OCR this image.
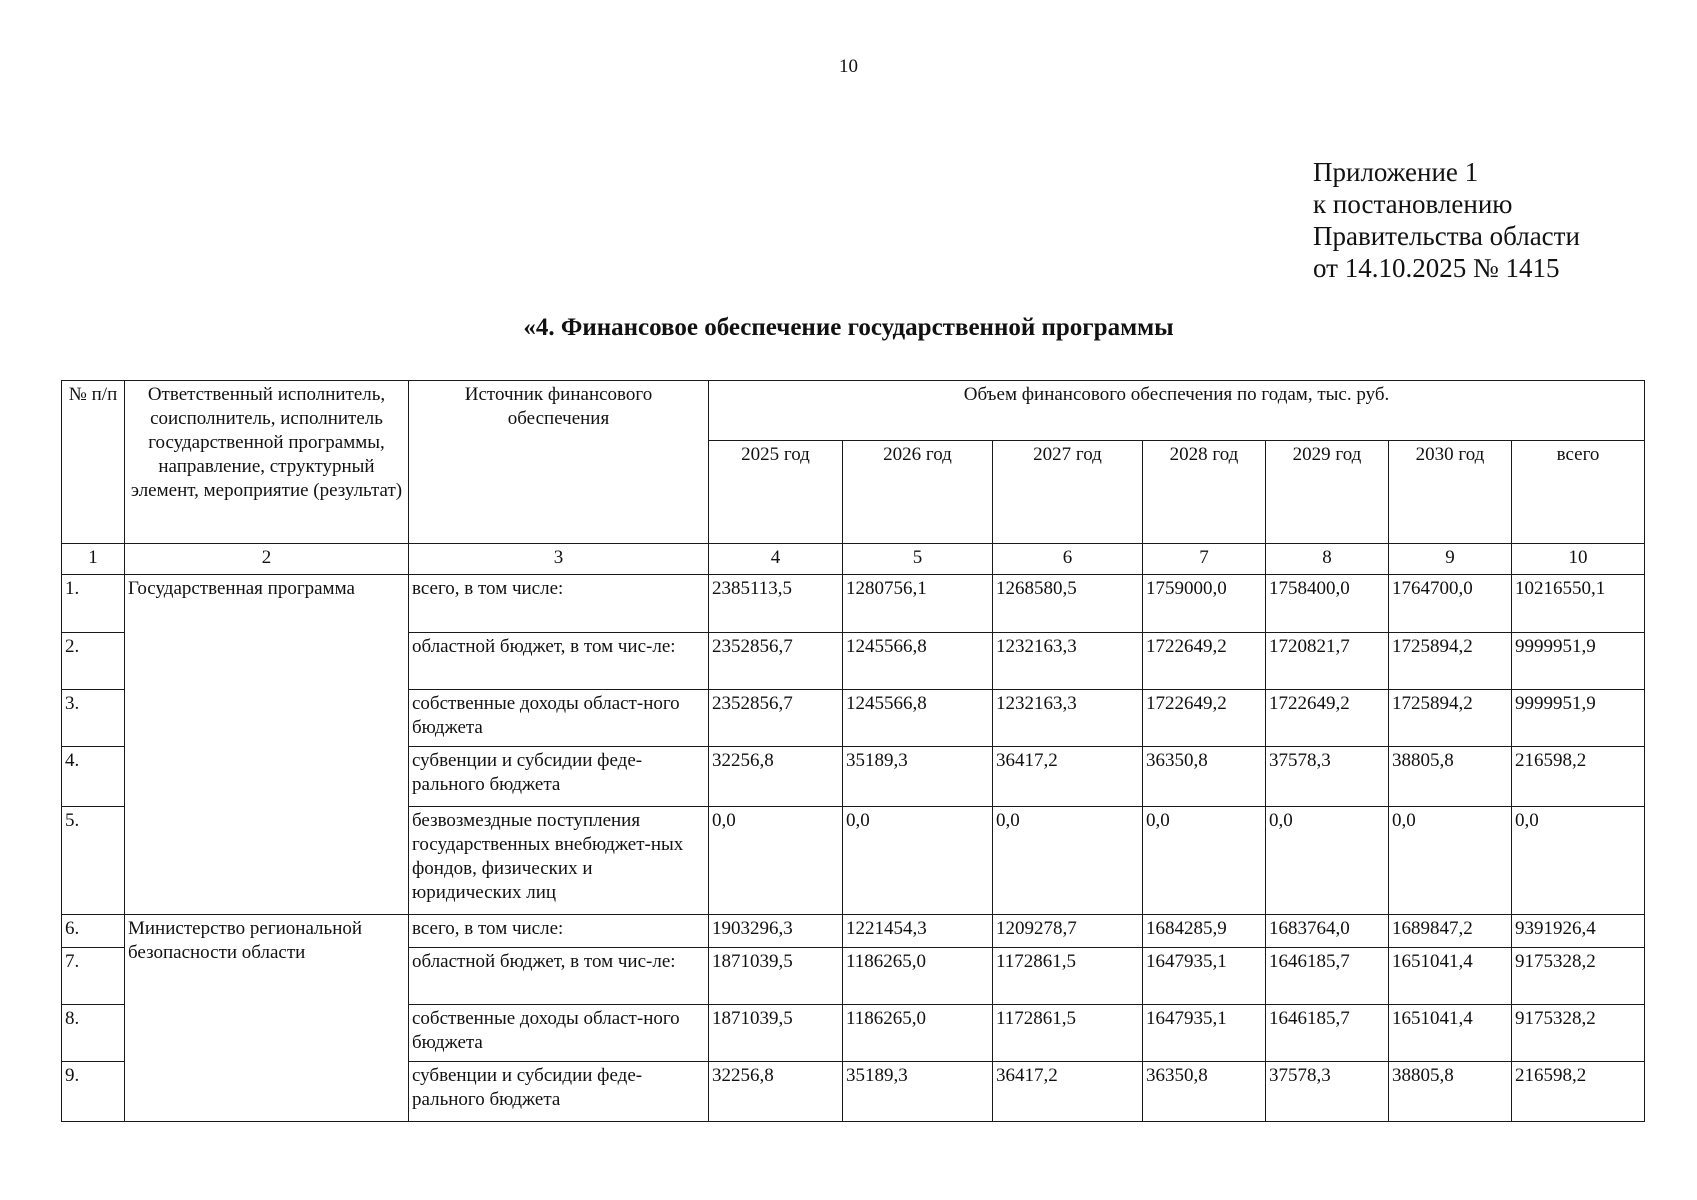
10
Приложение 1
к постановлению
Правительства области
от 14.10.2025 № 1415
«4. Финансовое обеспечение государственной программы
№ п/п	Ответственный исполнитель, соисполнитель, исполнитель государственной программы, направление, структурный элемент, мероприятие (результат)	Источник финансового обеспечения	Объем финансового обеспечения по годам, тыс. руб.						
			2025 год	2026 год	2027 год	2028 год	2029 год	2030 год	всего
1	2	3	4	5	6	7	8	9	10
1.	Государственная программа	всего, в том числе:	2385113,5	1280756,1	1268580,5	1759000,0	1758400,0	1764700,0	10216550,1
2.		областной бюджет, в том чис-ле:	2352856,7	1245566,8	1232163,3	1722649,2	1720821,7	1725894,2	9999951,9
3.		собственные доходы област-ного бюджета	2352856,7	1245566,8	1232163,3	1722649,2	1722649,2	1725894,2	9999951,9
4.		субвенции и субсидии феде-рального бюджета	32256,8	35189,3	36417,2	36350,8	37578,3	38805,8	216598,2
5.		безвозмездные поступления государственных внебюджет-ных фондов, физических и юридических лиц	0,0	0,0	0,0	0,0	0,0	0,0	0,0
6.	Министерство региональной безопасности области	всего, в том числе:	1903296,3	1221454,3	1209278,7	1684285,9	1683764,0	1689847,2	9391926,4
7.		областной бюджет, в том чис-ле:	1871039,5	1186265,0	1172861,5	1647935,1	1646185,7	1651041,4	9175328,2
8.		собственные доходы област-ного бюджета	1871039,5	1186265,0	1172861,5	1647935,1	1646185,7	1651041,4	9175328,2
9.		субвенции и субсидии феде-рального бюджета	32256,8	35189,3	36417,2	36350,8	37578,3	38805,8	216598,2
